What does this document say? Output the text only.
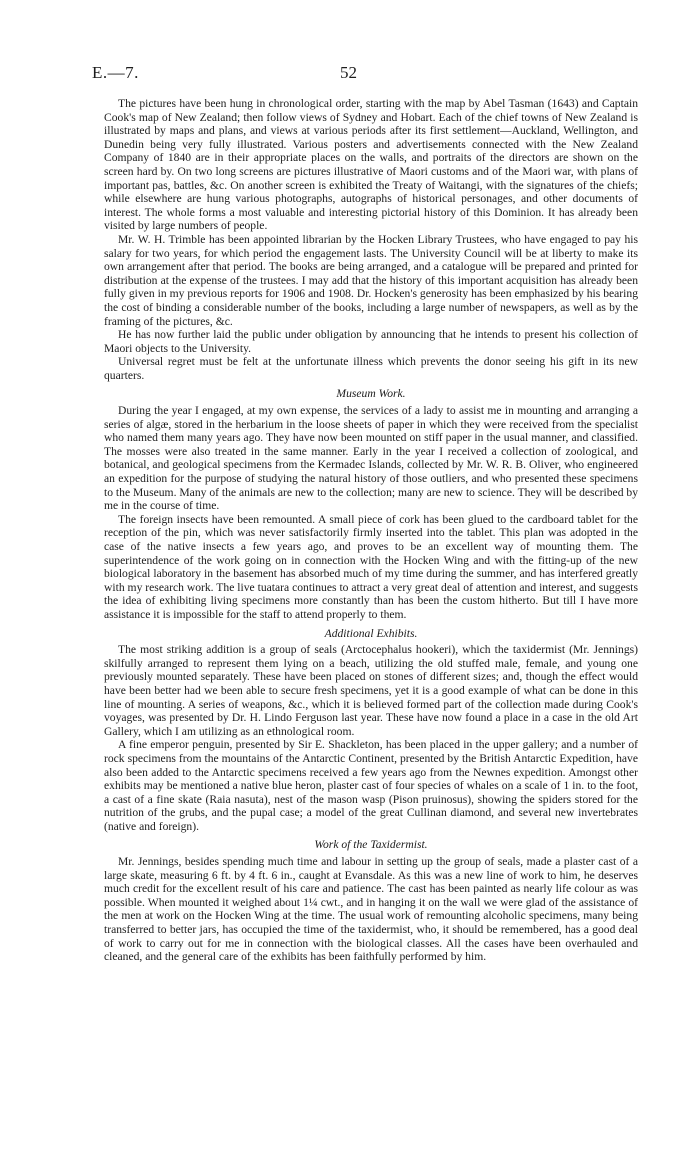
E.—7.	52

The pictures have been hung in chronological order, starting with the map by Abel Tasman (1643) and Captain Cook's map of New Zealand; then follow views of Sydney and Hobart. Each of the chief towns of New Zealand is illustrated by maps and plans, and views at various periods after its first settlement—Auckland, Wellington, and Dunedin being very fully illustrated. Various posters and advertisements connected with the New Zealand Company of 1840 are in their appropriate places on the walls, and portraits of the directors are shown on the screen hard by. On two long screens are pictures illustrative of Maori customs and of the Maori war, with plans of important pas, battles, &c. On another screen is exhibited the Treaty of Waitangi, with the signatures of the chiefs; while elsewhere are hung various photographs, autographs of historical personages, and other documents of interest. The whole forms a most valuable and interesting pictorial history of this Dominion. It has already been visited by large numbers of people.

Mr. W. H. Trimble has been appointed librarian by the Hocken Library Trustees, who have engaged to pay his salary for two years, for which period the engagement lasts. The University Council will be at liberty to make its own arrangement after that period. The books are being arranged, and a catalogue will be prepared and printed for distribution at the expense of the trustees. I may add that the history of this important acquisition has already been fully given in my previous reports for 1906 and 1908. Dr. Hocken's generosity has been emphasized by his bearing the cost of binding a considerable number of the books, including a large number of newspapers, as well as by the framing of the pictures, &c.

He has now further laid the public under obligation by announcing that he intends to present his collection of Maori objects to the University.

Universal regret must be felt at the unfortunate illness which prevents the donor seeing his gift in its new quarters.

Museum Work.

During the year I engaged, at my own expense, the services of a lady to assist me in mounting and arranging a series of algæ, stored in the herbarium in the loose sheets of paper in which they were received from the specialist who named them many years ago. They have now been mounted on stiff paper in the usual manner, and classified. The mosses were also treated in the same manner. Early in the year I received a collection of zoological, and botanical, and geological specimens from the Kermadec Islands, collected by Mr. W. R. B. Oliver, who engineered an expedition for the purpose of studying the natural history of those outliers, and who presented these specimens to the Museum. Many of the animals are new to the collection; many are new to science. They will be described by me in the course of time.

The foreign insects have been remounted. A small piece of cork has been glued to the cardboard tablet for the reception of the pin, which was never satisfactorily firmly inserted into the tablet. This plan was adopted in the case of the native insects a few years ago, and proves to be an excellent way of mounting them. The superintendence of the work going on in connection with the Hocken Wing and with the fitting-up of the new biological laboratory in the basement has absorbed much of my time during the summer, and has interfered greatly with my research work. The live tuatara continues to attract a very great deal of attention and interest, and suggests the idea of exhibiting living specimens more constantly than has been the custom hitherto. But till I have more assistance it is impossible for the staff to attend properly to them.

Additional Exhibits.

The most striking addition is a group of seals (Arctocephalus hookeri), which the taxidermist (Mr. Jennings) skilfully arranged to represent them lying on a beach, utilizing the old stuffed male, female, and young one previously mounted separately. These have been placed on stones of different sizes; and, though the effect would have been better had we been able to secure fresh specimens, yet it is a good example of what can be done in this line of mounting. A series of weapons, &c., which it is believed formed part of the collection made during Cook's voyages, was presented by Dr. H. Lindo Ferguson last year. These have now found a place in a case in the old Art Gallery, which I am utilizing as an ethnological room.

A fine emperor penguin, presented by Sir E. Shackleton, has been placed in the upper gallery; and a number of rock specimens from the mountains of the Antarctic Continent, presented by the British Antarctic Expedition, have also been added to the Antarctic specimens received a few years ago from the Newnes expedition. Amongst other exhibits may be mentioned a native blue heron, plaster cast of four species of whales on a scale of 1 in. to the foot, a cast of a fine skate (Raia nasuta), nest of the mason wasp (Pison pruinosus), showing the spiders stored for the nutrition of the grubs, and the pupal case; a model of the great Cullinan diamond, and several new invertebrates (native and foreign).

Work of the Taxidermist.

Mr. Jennings, besides spending much time and labour in setting up the group of seals, made a plaster cast of a large skate, measuring 6 ft. by 4 ft. 6 in., caught at Evansdale. As this was a new line of work to him, he deserves much credit for the excellent result of his care and patience. The cast has been painted as nearly life colour as was possible. When mounted it weighed about 1¼ cwt., and in hanging it on the wall we were glad of the assistance of the men at work on the Hocken Wing at the time. The usual work of remounting alcoholic specimens, many being transferred to better jars, has occupied the time of the taxidermist, who, it should be remembered, has a good deal of work to carry out for me in connection with the biological classes. All the cases have been overhauled and cleaned, and the general care of the exhibits has been faithfully performed by him.
